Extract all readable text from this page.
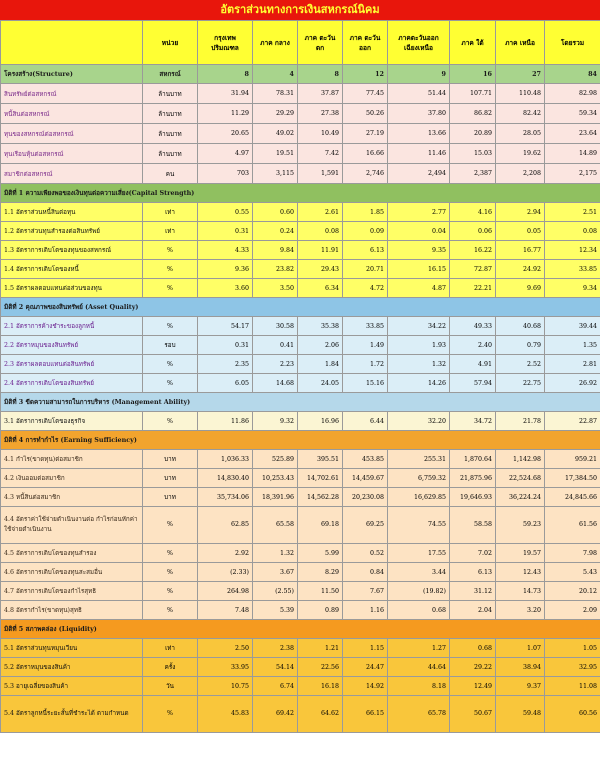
อัตราส่วนทางการเงินสหกรณ์นิคม
	หน่วย	กรุงเทพ ปริมณฑล	ภาค กลาง	ภาค ตะวันตก	ภาค ตะวันออก	ภาคตะวันออก เฉียงเหนือ	ภาค ใต้	ภาค เหนือ	โดยรวม
โครงสร้าง(Structure)	สหกรณ์	8	4	8	12	9	16	27	84
สินทรัพย์ต่อสหกรณ์	ล้านบาท	31.94	78.31	37.87	77.45	51.44	107.71	110.48	82.98
หนี้สินต่อสหกรณ์	ล้านบาท	11.29	29.29	27.38	50.26	37.80	86.82	82.42	59.34
ทุนของสหกรณ์ต่อสหกรณ์	ล้านบาท	20.65	49.02	10.49	27.19	13.66	20.89	28.05	23.64
ทุนเรือนหุ้นต่อสหกรณ์	ล้านบาท	4.97	19.51	7.42	16.66	11.46	15.03	19.62	14.89
สมาชิกต่อสหกรณ์	คน	703	3,115	1,591	2,746	2,494	2,387	2,208	2,175
มิติที่ 1 ความเพียงพอของเงินทุนต่อความเสี่ยง(Capital Strength)									
1.1 อัตราส่วนหนี้สินต่อทุน	เท่า	0.55	0.60	2.61	1.85	2.77	4.16	2.94	2.51
1.2 อัตราส่วนทุนสำรองต่อสินทรัพย์	เท่า	0.31	0.24	0.08	0.09	0.04	0.06	0.05	0.08
1.3 อัตราการเติบโตของทุนของสหกรณ์	%	4.33	9.84	11.91	6.13	9.35	16.22	16.77	12.34
1.4 อัตราการเติบโตของหนี้	%	9.36	23.82	29.43	20.71	16.15	72.87	24.92	33.85
1.5 อัตราผลตอบแทนต่อส่วนของทุน	%	3.60	3.50	6.34	4.72	4.87	22.21	9.69	9.34
มิติที่ 2 คุณภาพของสินทรัพย์ (Asset Quality)									
2.1 อัตราการค้างชำระของลูกหนี้	%	54.17	30.58	35.38	33.85	34.22	49.33	40.68	39.44
2.2 อัตราหมุนของสินทรัพย์	รอบ	0.31	0.41	2.06	1.49	1.93	2.40	0.79	1.35
2.3 อัตราผลตอบแทนต่อสินทรัพย์	%	2.35	2.23	1.84	1.72	1.32	4.91	2.52	2.81
2.4 อัตราการเติบโตของสินทรัพย์	%	6.05	14.68	24.05	15.16	14.26	57.94	22.75	26.92
มิติที่ 3 ขีดความสามารถในการบริหาร (Management Ability)									
3.1 อัตราการเติบโตของธุรกิจ	%	11.86	9.32	16.96	6.44	32.20	34.72	21.78	22.87
มิติที่ 4 การทำกำไร (Earning Sufficiency)									
4.1 กำไร(ขาดทุน)ต่อสมาชิก	บาท	1,036.33	525.89	395.51	453.85	255.31	1,870.64	1,142.98	959.21
4.2 เงินออมต่อสมาชิก	บาท	14,830.40	10,253.43	14,702.61	14,459.67	6,759.32	21,875.96	22,524.68	17,384.50
4.3 หนี้สินต่อสมาชิก	บาท	35,734.06	18,391.96	14,562.28	20,230.08	16,629.85	19,646.93	36,224.24	24,845.66
4.4 อัตราค่าใช้จ่ายดำเนินงานต่อ กำไรก่อนหักค่าใช้จ่ายดำเนินงาน	%	62.85	65.58	69.18	69.25	74.55	58.58	59.23	61.56
4.5 อัตราการเติบโตของทุนสำรอง	%	2.92	1.32	5.99	0.52	17.55	7.02	19.57	7.98
4.6 อัตราการเติบโตของทุนสะสมอื่น	%	(2.33)	3.67	8.29	0.84	3.44	6.13	12.43	5.43
4.7 อัตราการเติบโตของกำไรสุทธิ	%	264.98	(2.55)	11.50	7.67	(19.82)	31.12	14.73	20.12
4.8 อัตรากำไร(ขาดทุน)สุทธิ	%	7.48	5.39	0.89	1.16	0.68	2.04	3.20	2.09
มิติที่ 5 สภาพคล่อง (Liquidity)									
5.1 อัตราส่วนทุนหมุนเวียน	เท่า	2.50	2.38	1.21	1.15	1.27	0.68	1.07	1.05
5.2 อัตราหมุนของสินค้า	ครั้ง	33.95	54.14	22.56	24.47	44.64	29.22	38.94	32.95
5.3 อายุเฉลี่ยของสินค้า	วัน	10.75	6.74	16.18	14.92	8.18	12.49	9.37	11.08
5.4 อัตราลูกหนี้ระยะสั้นที่ชำระได้ ตามกำหนด	%	45.83	69.42	64.62	66.15	65.78	50.67	59.48	60.56
